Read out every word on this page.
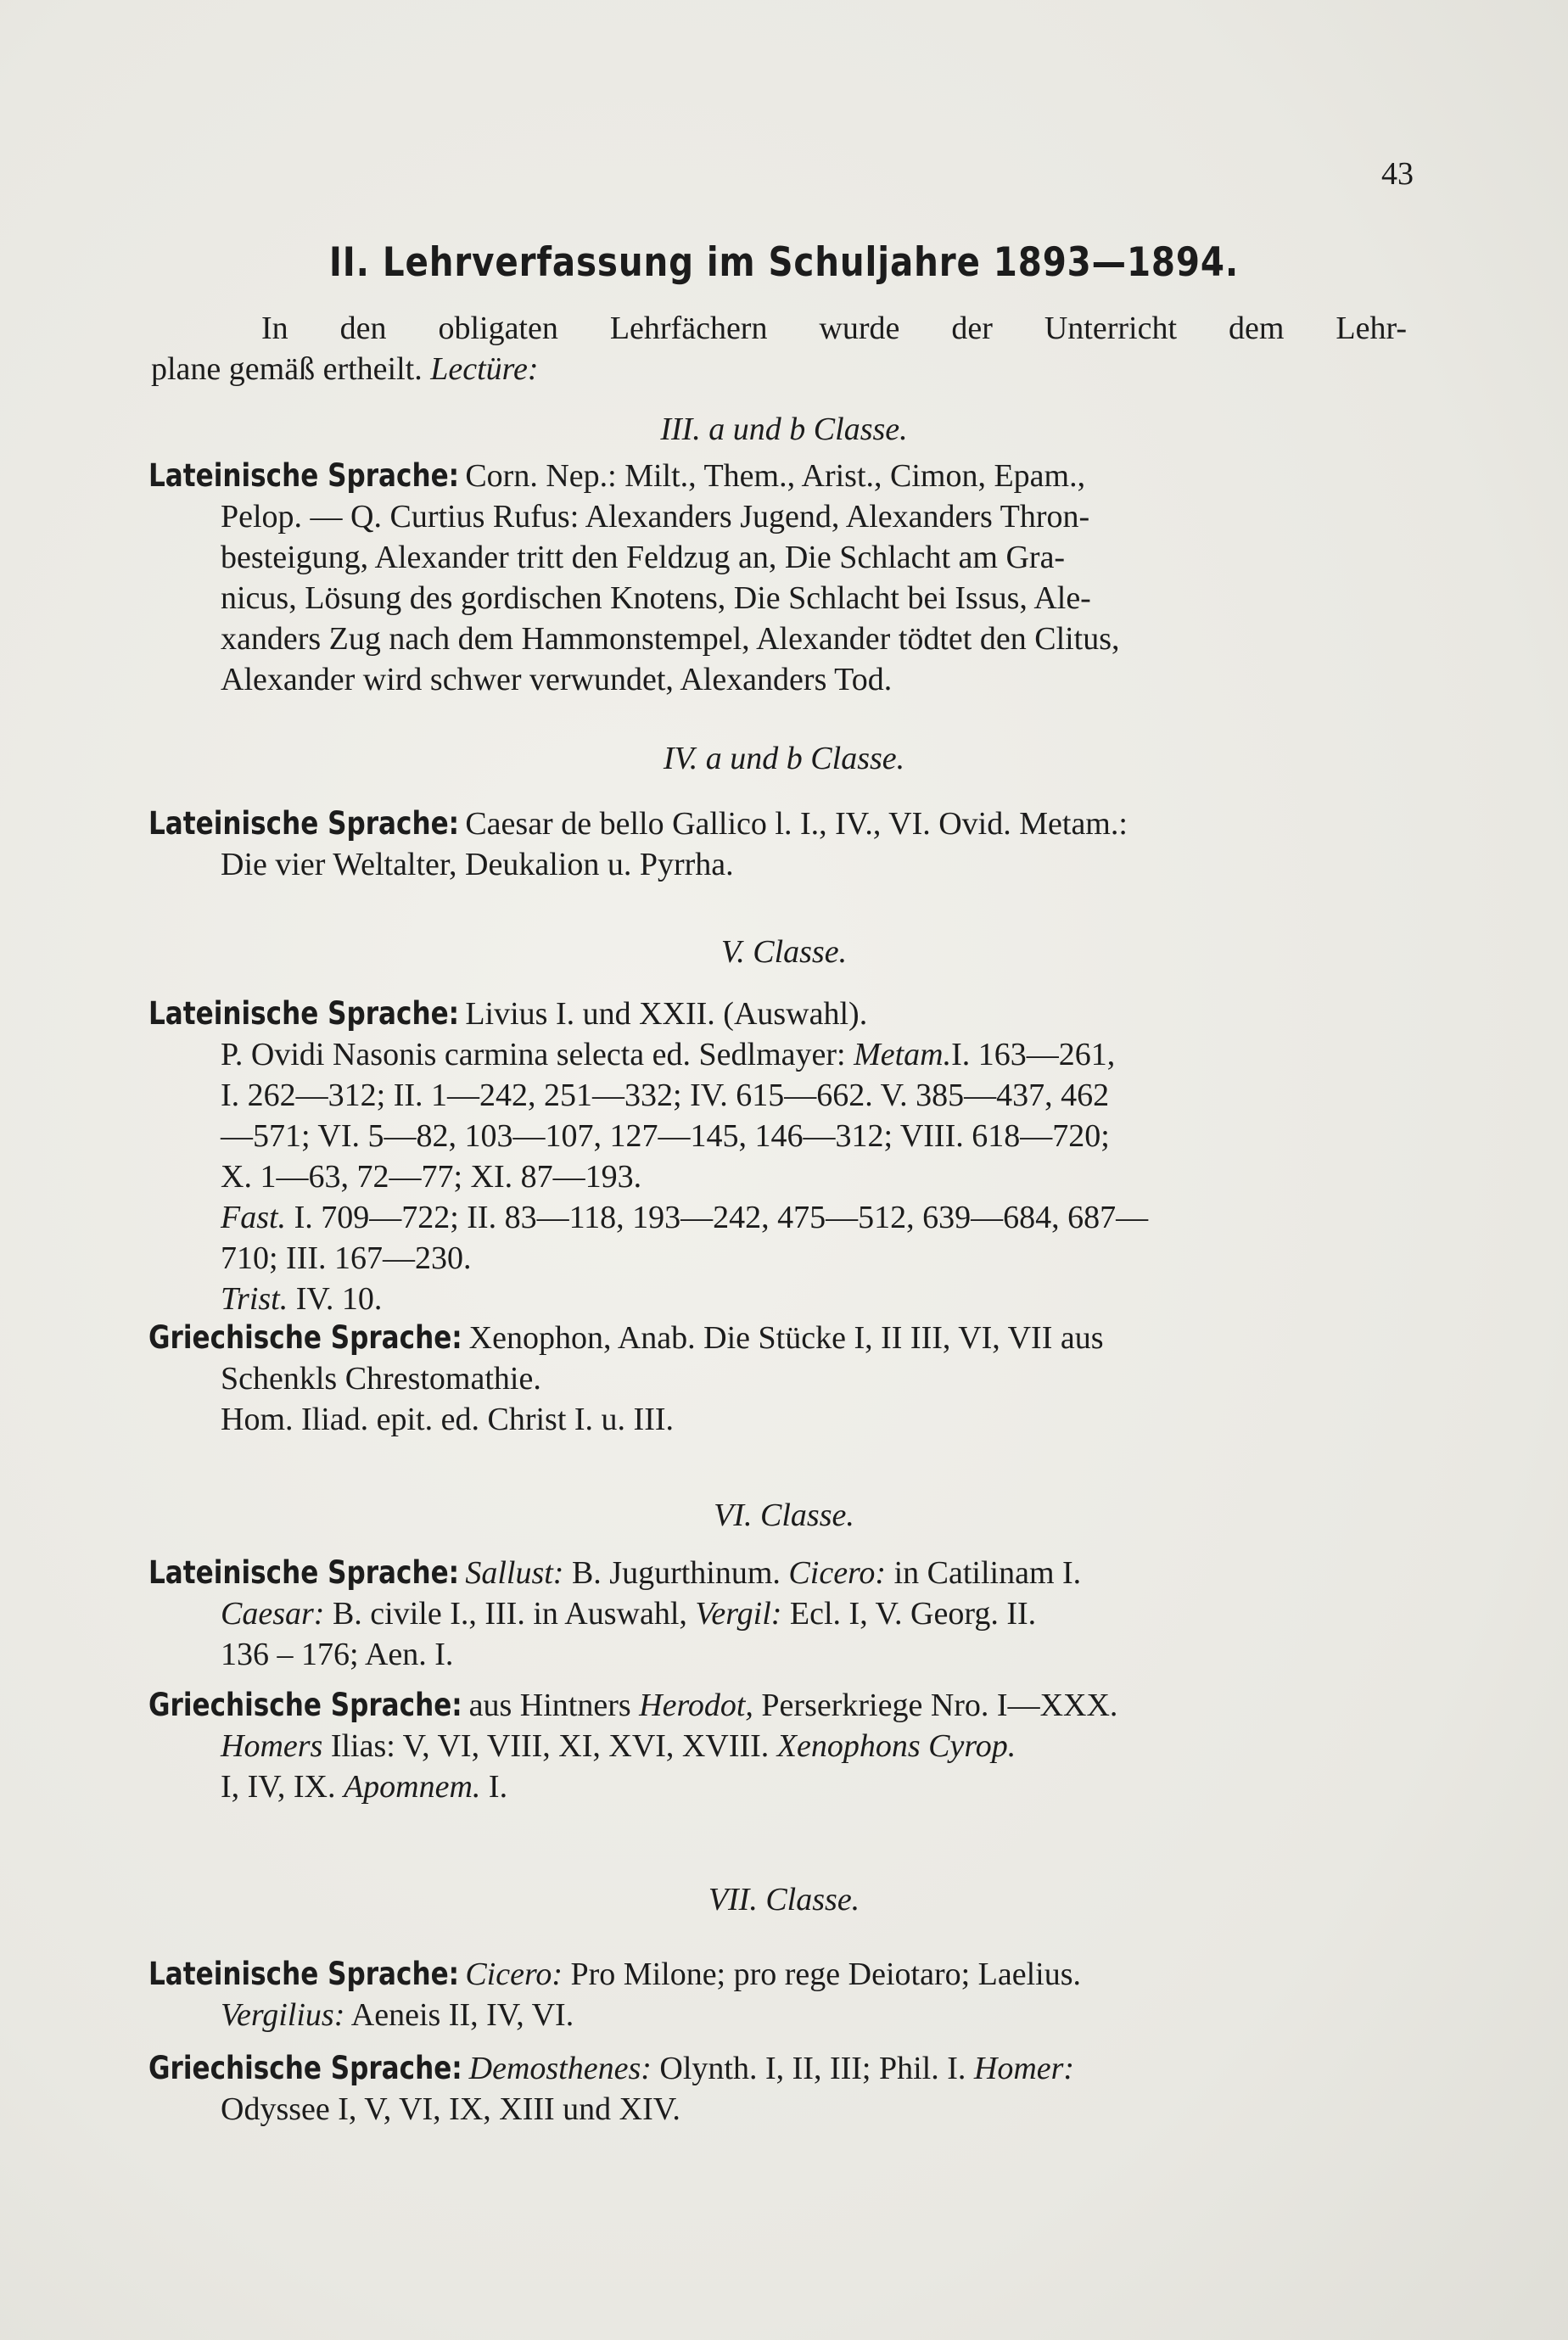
43
II. Lehrverfassung im Schuljahre 1893—1894.
In den obligaten Lehrfächern wurde der Unterricht dem Lehr-
plane gemäß ertheilt. Lectüre:
III. a und b Classe.
Lateinische Sprache: Corn. Nep.: Milt., Them., Arist., Cimon, Epam.,
Pelop. — Q. Curtius Rufus: Alexanders Jugend, Alexanders Thron-
besteigung, Alexander tritt den Feldzug an, Die Schlacht am Gra-
nicus, Lösung des gordischen Knotens, Die Schlacht bei Issus, Ale-
xanders Zug nach dem Hammonstempel, Alexander tödtet den Clitus,
Alexander wird schwer verwundet, Alexanders Tod.
IV. a und b Classe.
Lateinische Sprache: Caesar de bello Gallico l. I., IV., VI. Ovid. Metam.:
Die vier Weltalter, Deukalion u. Pyrrha.
V. Classe.
Lateinische Sprache: Livius I. und XXII. (Auswahl).
P. Ovidi Nasonis carmina selecta ed. Sedlmayer: Metam.I. 163—261,
I. 262—312; II. 1—242, 251—332; IV. 615—662. V. 385—437, 462
—571; VI. 5—82, 103—107, 127—145, 146—312; VIII. 618—720;
X. 1—63, 72—77; XI. 87—193.
Fast. I. 709—722; II. 83—118, 193—242, 475—512, 639—684, 687—
710; III. 167—230.
Trist. IV. 10.
Griechische Sprache: Xenophon, Anab. Die Stücke I, II III, VI, VII aus
Schenkls Chrestomathie.
Hom. Iliad. epit. ed. Christ I. u. III.
VI. Classe.
Lateinische Sprache: Sallust: B. Jugurthinum. Cicero: in Catilinam I.
Caesar: B. civile I., III. in Auswahl, Vergil: Ecl. I, V. Georg. II.
136 – 176; Aen. I.
Griechische Sprache: aus Hintners Herodot, Perserkriege Nro. I—XXX.
Homers Ilias: V, VI, VIII, XI, XVI, XVIII. Xenophons Cyrop.
I, IV, IX. Apomnem. I.
VII. Classe.
Lateinische Sprache: Cicero: Pro Milone; pro rege Deiotaro; Laelius.
Vergilius: Aeneis II, IV, VI.
Griechische Sprache: Demosthenes: Olynth. I, II, III; Phil. I. Homer:
Odyssee I, V, VI, IX, XIII und XIV.
